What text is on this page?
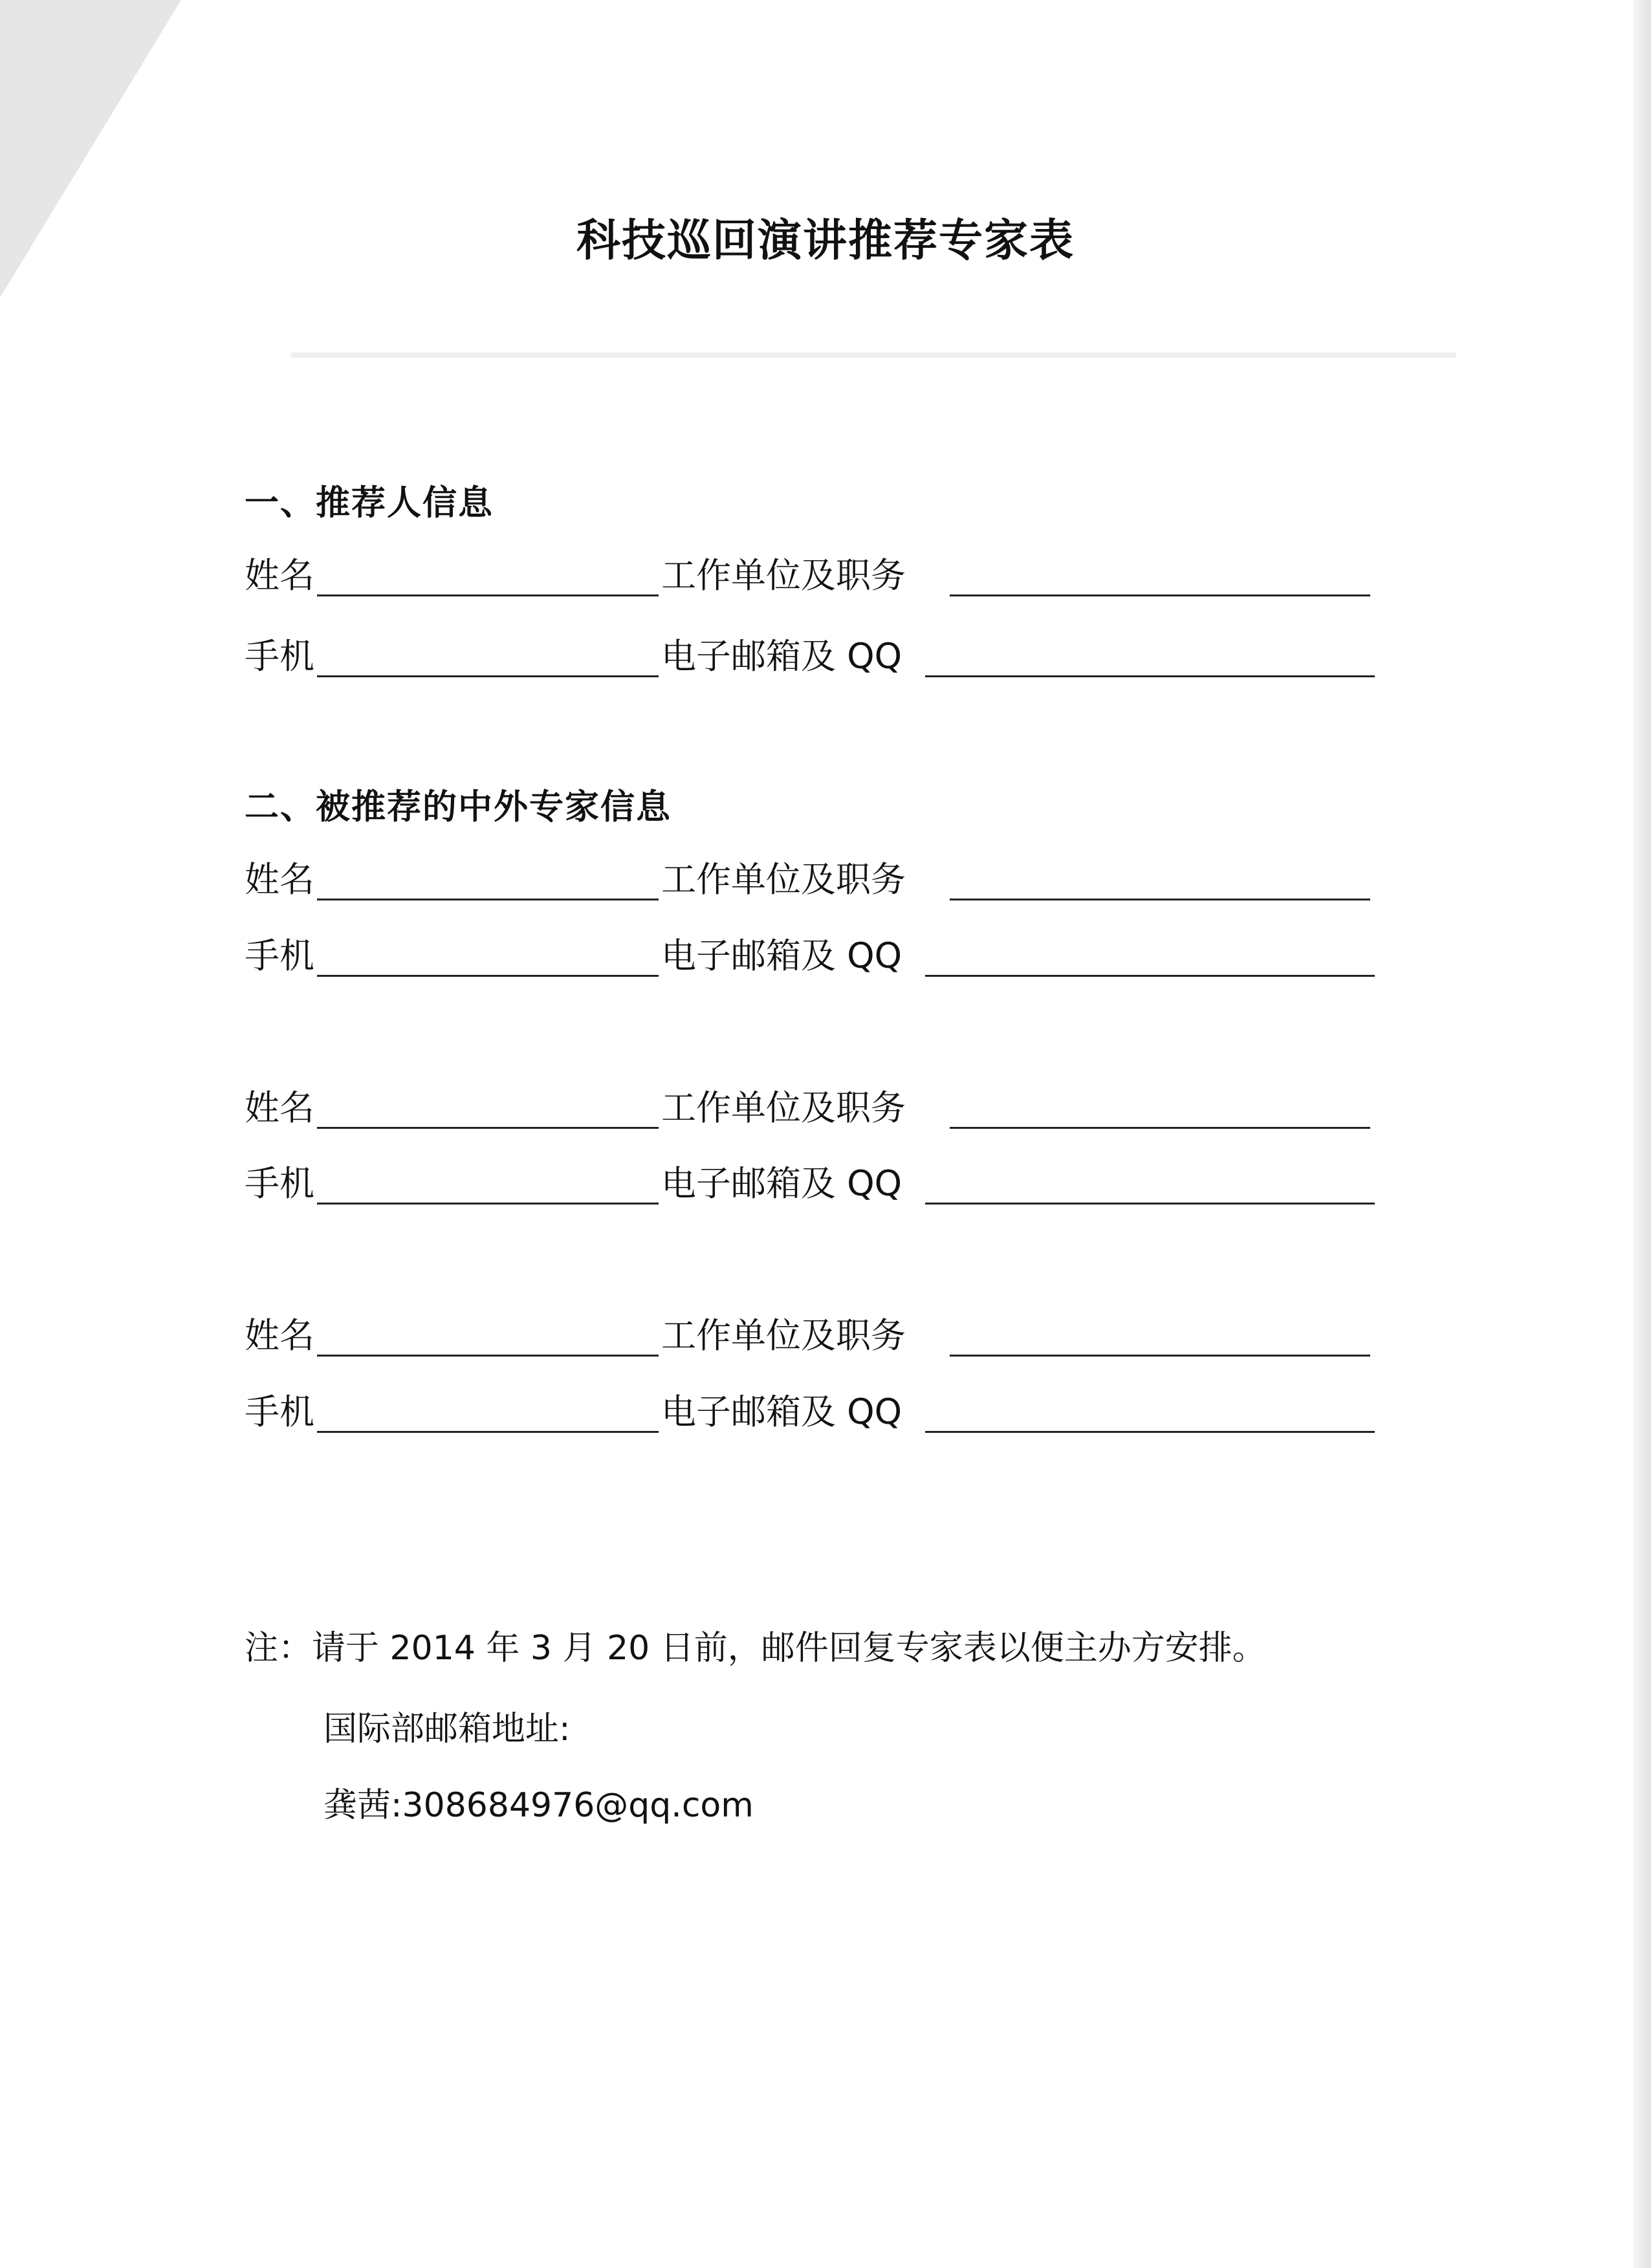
科技巡回演讲推荐专家表
一、推荐人信息
姓名	工作单位及职务
手机	电子邮箱及 QQ
二、被推荐的中外专家信息
姓名	工作单位及职务
手机	电子邮箱及 QQ
姓名	工作单位及职务
手机	电子邮箱及 QQ
姓名	工作单位及职务
手机	电子邮箱及 QQ
注：请于 2014 年 3 月 20 日前，邮件回复专家表以便主办方安排。
国际部邮箱地址:
龚茜:308684976@qq.com
